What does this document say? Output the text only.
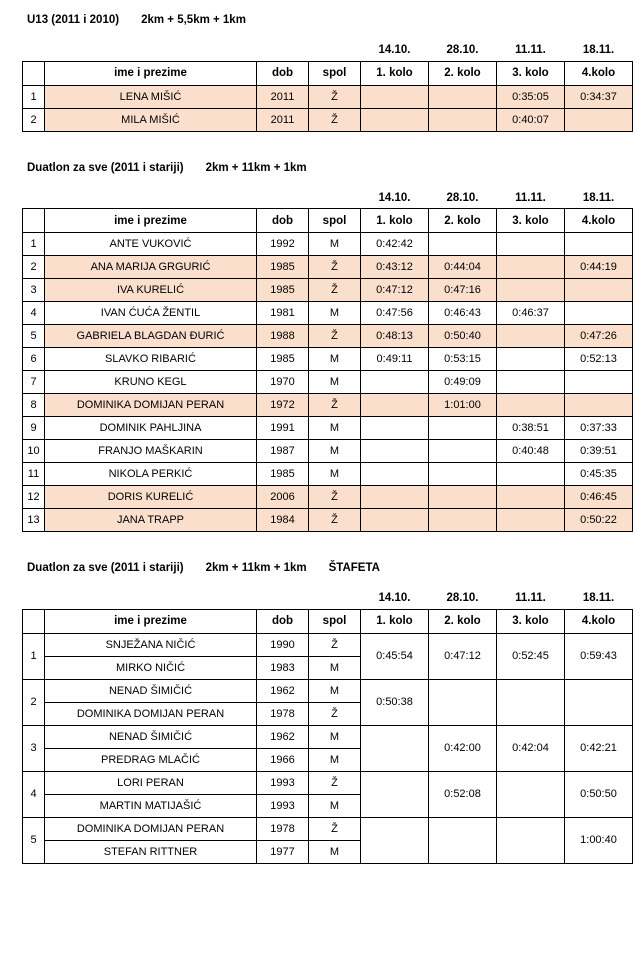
U13 (2011 i 2010) 2km + 5,5km + 1km
				14.10.	28.10.	11.11.	18.11.
	ime i prezime	dob	spol	1. kolo	2. kolo	3. kolo	4.kolo
1	LENA MIŠIĆ	2011	Ž			0:35:05	0:34:37
2	MILA MIŠIĆ	2011	Ž			0:40:07	
Duatlon za sve (2011 i stariji) 2km + 11km + 1km
				14.10.	28.10.	11.11.	18.11.
	ime i prezime	dob	spol	1. kolo	2. kolo	3. kolo	4.kolo
1	ANTE VUKOVIĆ	1992	M	0:42:42			
2	ANA MARIJA GRGURIĆ	1985	Ž	0:43:12	0:44:04		0:44:19
3	IVA KURELIĆ	1985	Ž	0:47:12	0:47:16		
4	IVAN ĆUĆA ŽENTIL	1981	M	0:47:56	0:46:43	0:46:37	
5	GABRIELA BLAGDAN ĐURIĆ	1988	Ž	0:48:13	0:50:40		0:47:26
6	SLAVKO RIBARIĆ	1985	M	0:49:11	0:53:15		0:52:13
7	KRUNO KEGL	1970	M		0:49:09		
8	DOMINIKA DOMIJAN PERAN	1972	Ž		1:01:00		
9	DOMINIK PAHLJINA	1991	M			0:38:51	0:37:33
10	FRANJO MAŠKARIN	1987	M			0:40:48	0:39:51
11	NIKOLA PERKIĆ	1985	M				0:45:35
12	DORIS KURELIĆ	2006	Ž				0:46:45
13	JANA TRAPP	1984	Ž				0:50:22
Duatlon za sve (2011 i stariji) 2km + 11km + 1km ŠTAFETA
				14.10.	28.10.	11.11.	18.11.
	ime i prezime	dob	spol	1. kolo	2. kolo	3. kolo	4.kolo
1	SNJEŽANA NIČIĆ	1990	Ž	0:45:54	0:47:12	0:52:45	0:59:43
	MIRKO NIČIĆ	1983	M				
2	NENAD ŠIMIČIĆ	1962	M	0:50:38			
	DOMINIKA DOMIJAN PERAN	1978	Ž				
3	NENAD ŠIMIČIĆ	1962	M		0:42:00	0:42:04	0:42:21
	PREDRAG MLAČIĆ	1966	M				
4	LORI PERAN	1993	Ž		0:52:08		0:50:50
	MARTIN MATIJAŠIĆ	1993	M				
5	DOMINIKA DOMIJAN PERAN	1978	Ž				1:00:40
	STEFAN RITTNER	1977	M				
